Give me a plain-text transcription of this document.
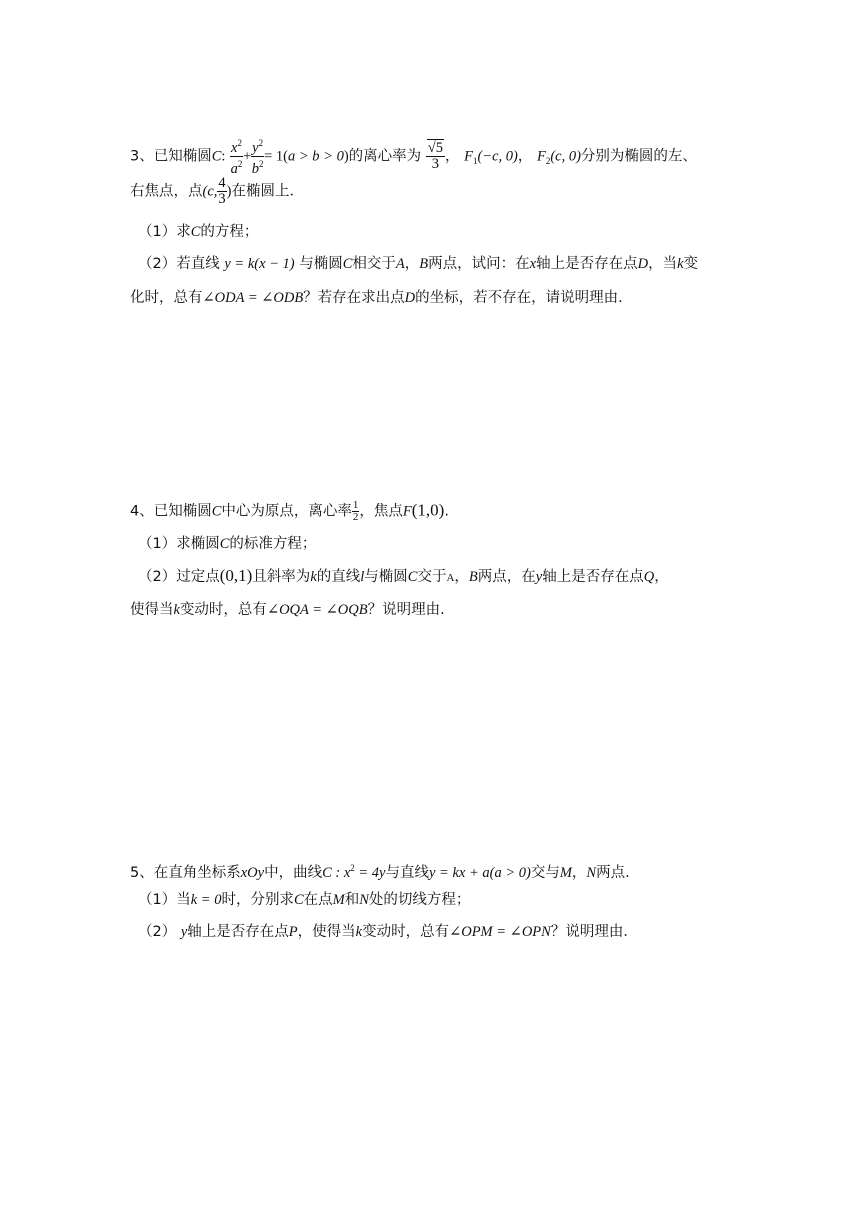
3、已知椭圆C: $\frac{x^2}{a^2} + \frac{y^2}{b^2} = 1(a > b > 0)$的离心率为 $\frac{√5}{3}$ ， $F_1(-c$, 0)， $F_2(c$, 0)分别为椭圆的左、
右焦点，点(c, $\frac{4}{3}$ )在椭圆上．
（1）求C的方程；
（2）若直线 y = k(x − 1) 与椭圆C相交于A，B两点，试问：在x轴上是否存在点D，当k变
化时，总有∠ODA = ∠ODB？若存在求出点D的坐标，若不存在，请说明理由．
4、已知椭圆C中心为原点，离心率 $\frac{1}{2}$ ，焦点F(1,0).
（1）求椭圆C的标准方程；
（2）过定点(0,1)且斜率为k的直线l与椭圆C交于A，B两点，在y轴上是否存在点Q，
使得当k变动时，总有∠OQA = ∠OQB？说明理由.
5、在直角坐标系xOy中，曲线C : $x^2 = 4y$与直线y = kx + a(a > 0)交与M，N两点．
（1）当k = 0时，分别求C在点M和N处的切线方程；
（2） y轴上是否存在点P，使得当k变动时，总有∠OPM = ∠OPN？说明理由．
